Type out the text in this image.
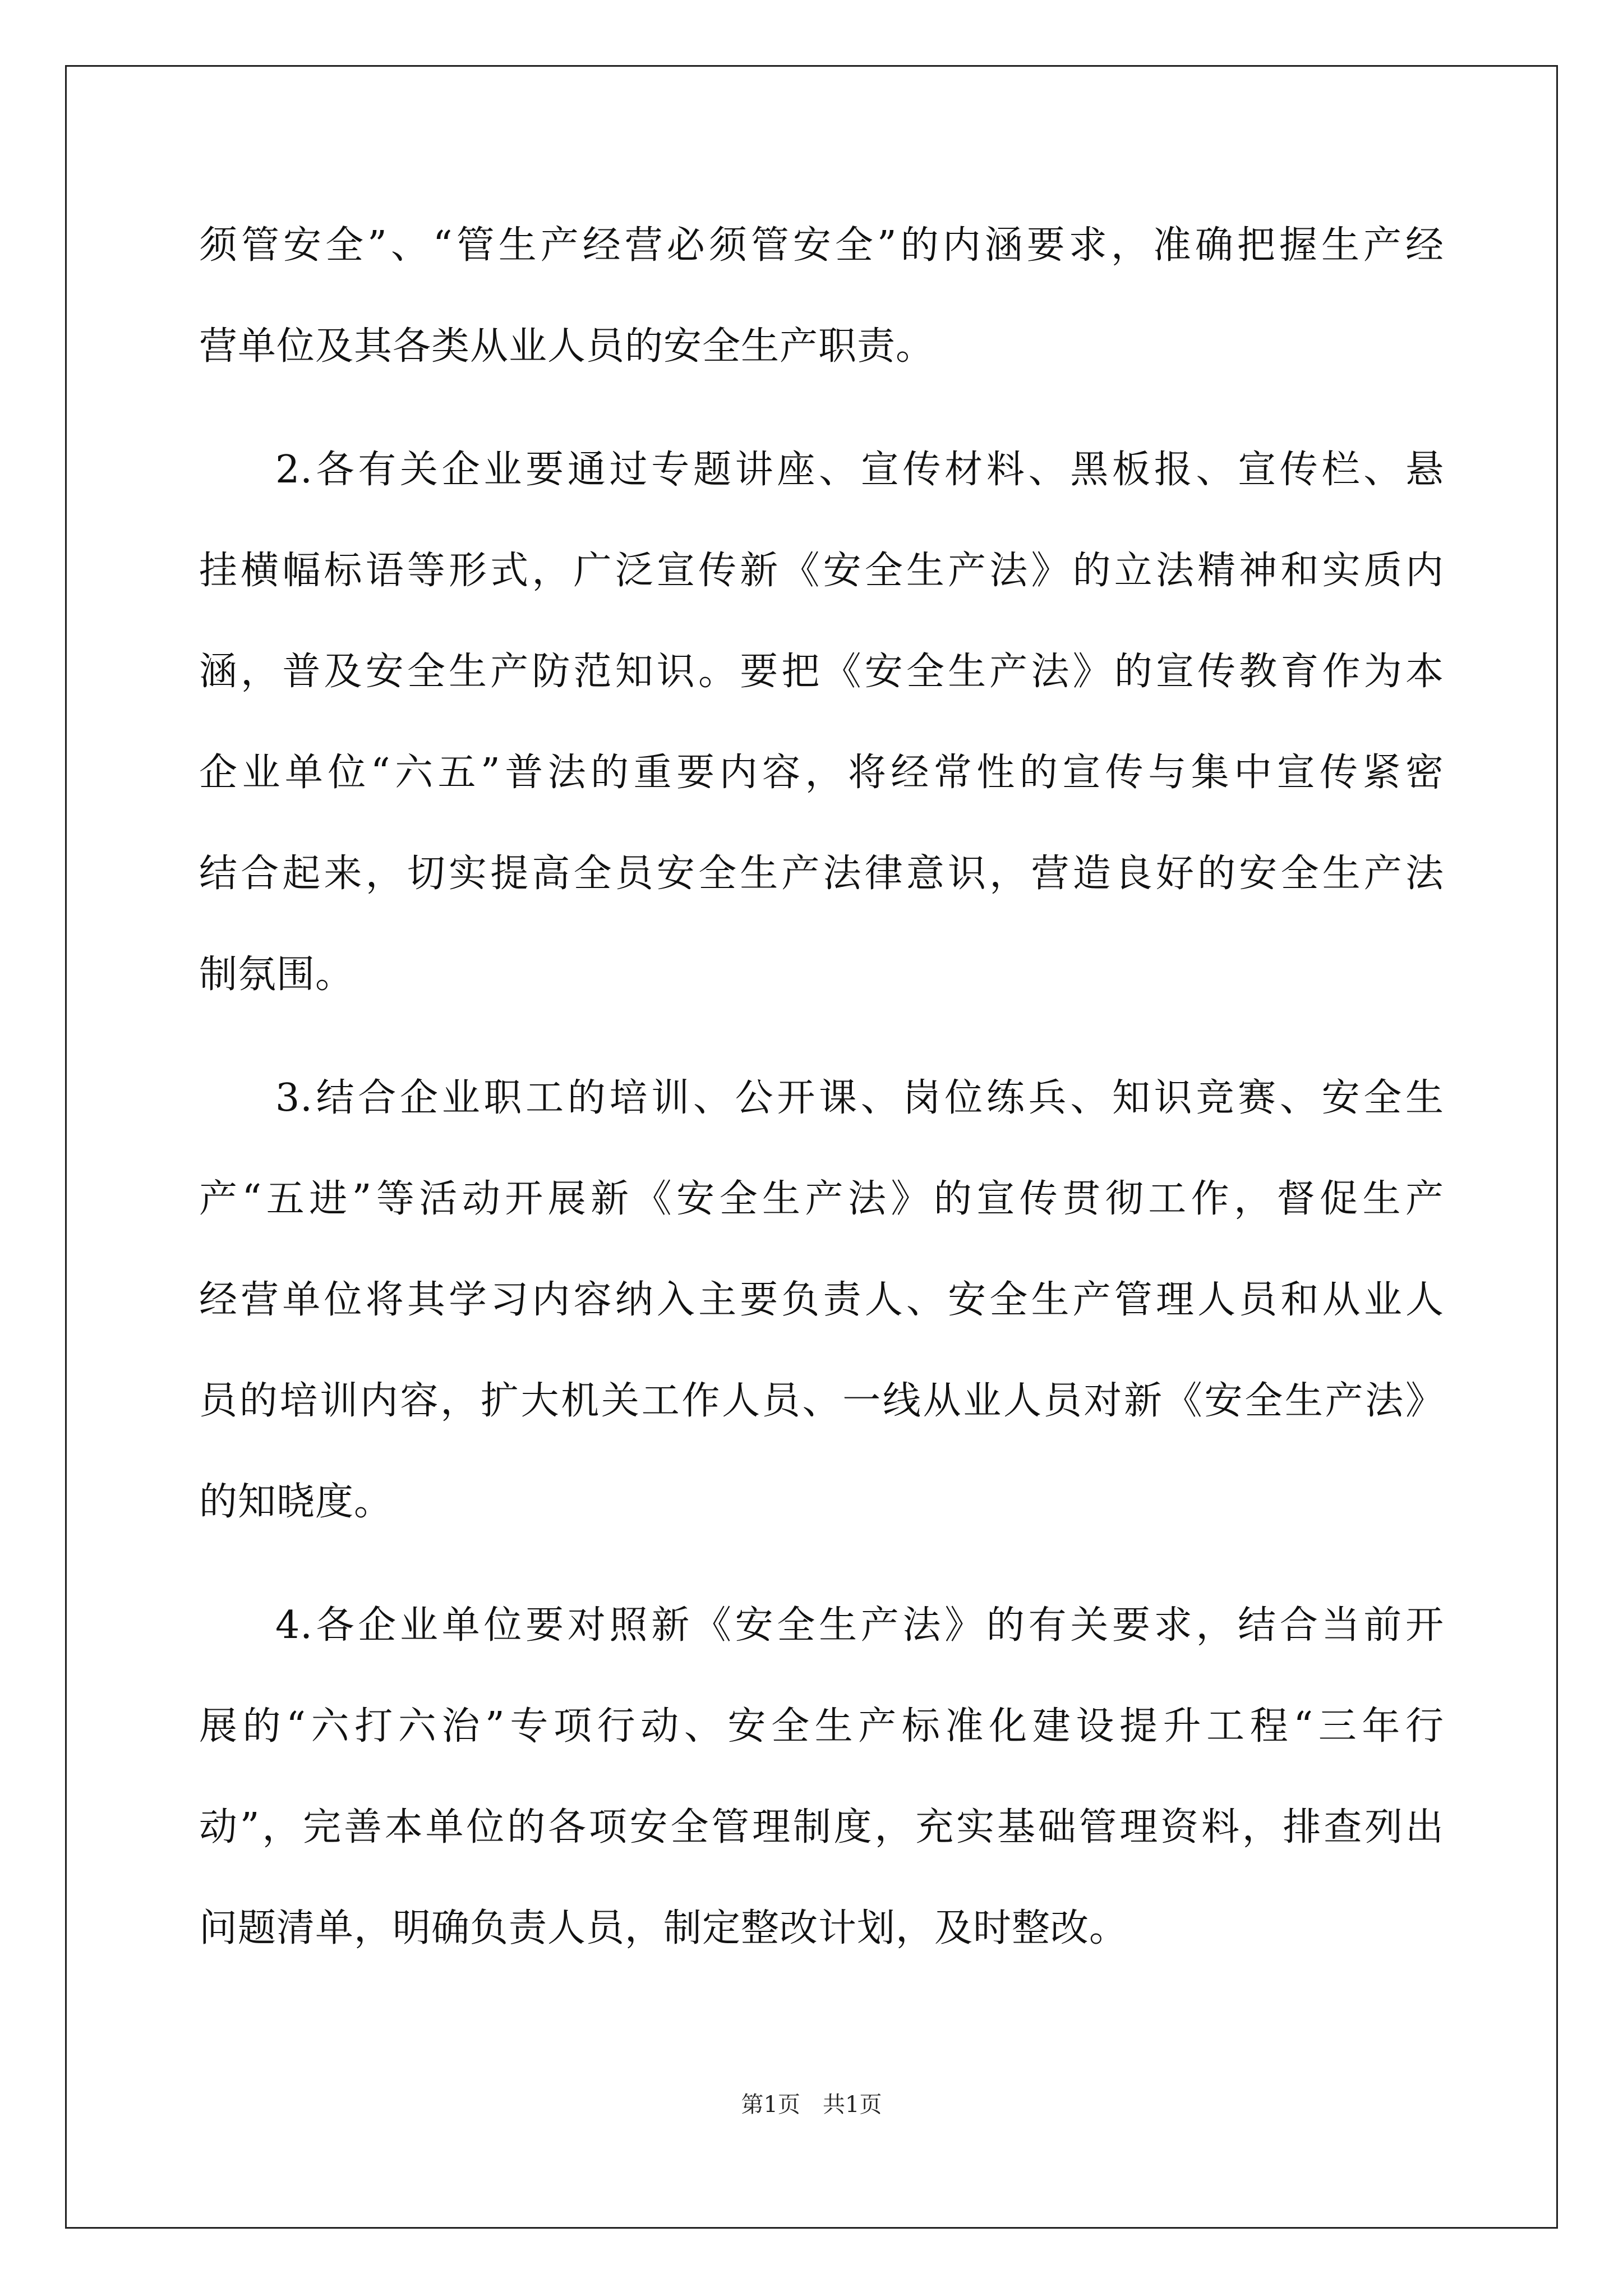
须管安全”、“管生产经营必须管安全”的内涵要求，准确把握生产经
营单位及其各类从业人员的安全生产职责。
2.各有关企业要通过专题讲座、宣传材料、黑板报、宣传栏、悬
挂横幅标语等形式，广泛宣传新《安全生产法》的立法精神和实质内
涵，普及安全生产防范知识。要把《安全生产法》的宣传教育作为本
企业单位“六五”普法的重要内容，将经常性的宣传与集中宣传紧密
结合起来，切实提高全员安全生产法律意识，营造良好的安全生产法
制氛围。
3.结合企业职工的培训、公开课、岗位练兵、知识竞赛、安全生
产“五进”等活动开展新《安全生产法》的宣传贯彻工作，督促生产
经营单位将其学习内容纳入主要负责人、安全生产管理人员和从业人
员的培训内容，扩大机关工作人员、一线从业人员对新《安全生产法》
的知晓度。
4.各企业单位要对照新《安全生产法》的有关要求，结合当前开
展的“六打六治”专项行动、安全生产标准化建设提升工程“三年行
动”，完善本单位的各项安全管理制度，充实基础管理资料，排查列出
问题清单，明确负责人员，制定整改计划，及时整改。
第1页　共1页
